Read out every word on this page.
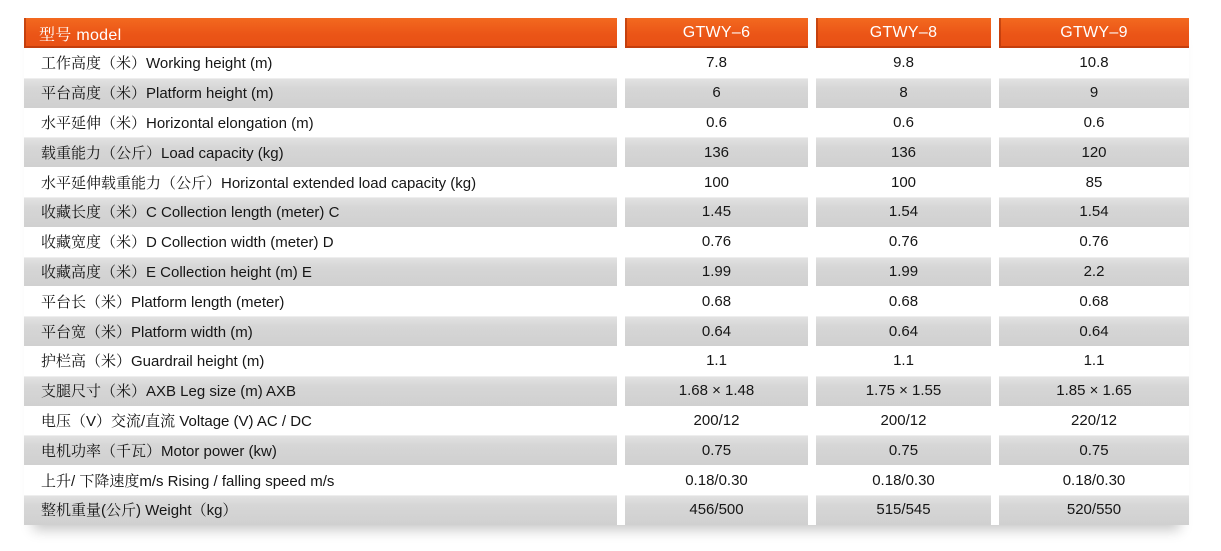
型号 model	GTWY–6	GTWY–8	GTWY–9
工作高度（米）Working height (m)	7.8	9.8	10.8
平台高度（米）Platform height (m)	6	8	9
水平延伸（米）Horizontal elongation (m)	0.6	0.6	0.6
载重能力（公斤）Load capacity (kg)	136	136	120
水平延伸载重能力（公斤）Horizontal extended load capacity (kg)	100	100	85
收藏长度（米）C Collection length (meter) C	1.45	1.54	1.54
收藏宽度（米）D Collection width (meter) D	0.76	0.76	0.76
收藏高度（米）E Collection height (m) E	1.99	1.99	2.2
平台长（米）Platform length (meter)	0.68	0.68	0.68
平台宽（米）Platform width (m)	0.64	0.64	0.64
护栏高（米）Guardrail height (m)	1.1	1.1	1.1
支腿尺寸（米）AXB Leg size (m) AXB	1.68 × 1.48	1.75 × 1.55	1.85 × 1.65
电压（V）交流/直流 Voltage (V) AC / DC	200/12	200/12	220/12
电机功率（千瓦）Motor power (kw)	0.75	0.75	0.75
上升/ 下降速度m/s Rising / falling speed m/s	0.18/0.30	0.18/0.30	0.18/0.30
整机重量(公斤) Weight（kg）	456/500	515/545	520/550
